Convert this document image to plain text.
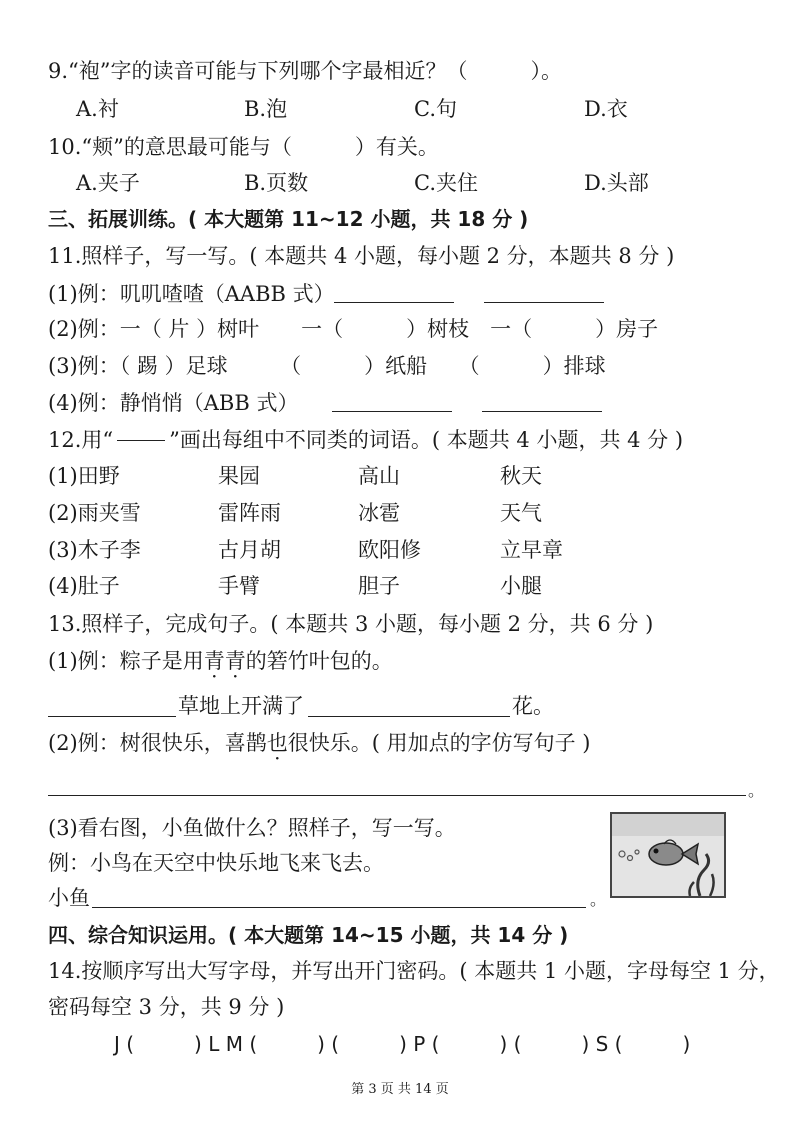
9.“袍”字的读音可能与下列哪个字最相近？（　　　）。
A.衬	B.泡	C.句	D.衣
10.“颊”的意思最可能与（　　　）有关。
A.夹子	B.页数	C.夹住	D.头部
三、拓展训练。( 本大题第 11~12 小题，共 18 分 )
11.照样子，写一写。( 本题共 4 小题，每小题 2 分，本题共 8 分 )
(1)例：叽叽喳喳（AABB 式）
(2)例：一（ 片 ）树叶　　一（　　　）树枝　一（　　　）房子
(3)例：（ 踢 ）足球　　　（　　　）纸船　　（　　　）排球
(4)例：静悄悄（ABB 式）
12.用“	”画出每组中不同类的词语。( 本题共 4 小题，共 4 分 )
(1)田野	果园	高山	秋天
(2)雨夹雪	雷阵雨	冰雹	天气
(3)木子李	古月胡	欧阳修	立早章
(4)肚子	手臂	胆子	小腿
13.照样子，完成句子。( 本题共 3 小题，每小题 2 分，共 6 分 )
(1)例：粽子是用青青的箬竹叶包的。
草地上开满了	花。
(2)例：树很快乐，喜鹊也很快乐。( 用加点的字仿写句子 )
。
(3)看右图，小鱼做什么？照样子，写一写。
例：小鸟在天空中快乐地飞来飞去。
小鱼	。
四、综合知识运用。( 本大题第 14~15 小题，共 14 分 )
14.按顺序写出大写字母，并写出开门密码。( 本题共 1 小题，字母每空 1 分，
密码每空 3 分，共 9 分 )
J (　　　) L M (　　　) (　　　) P (　　　) (　　　) S (　　　)
第 3 页 共 14 页
